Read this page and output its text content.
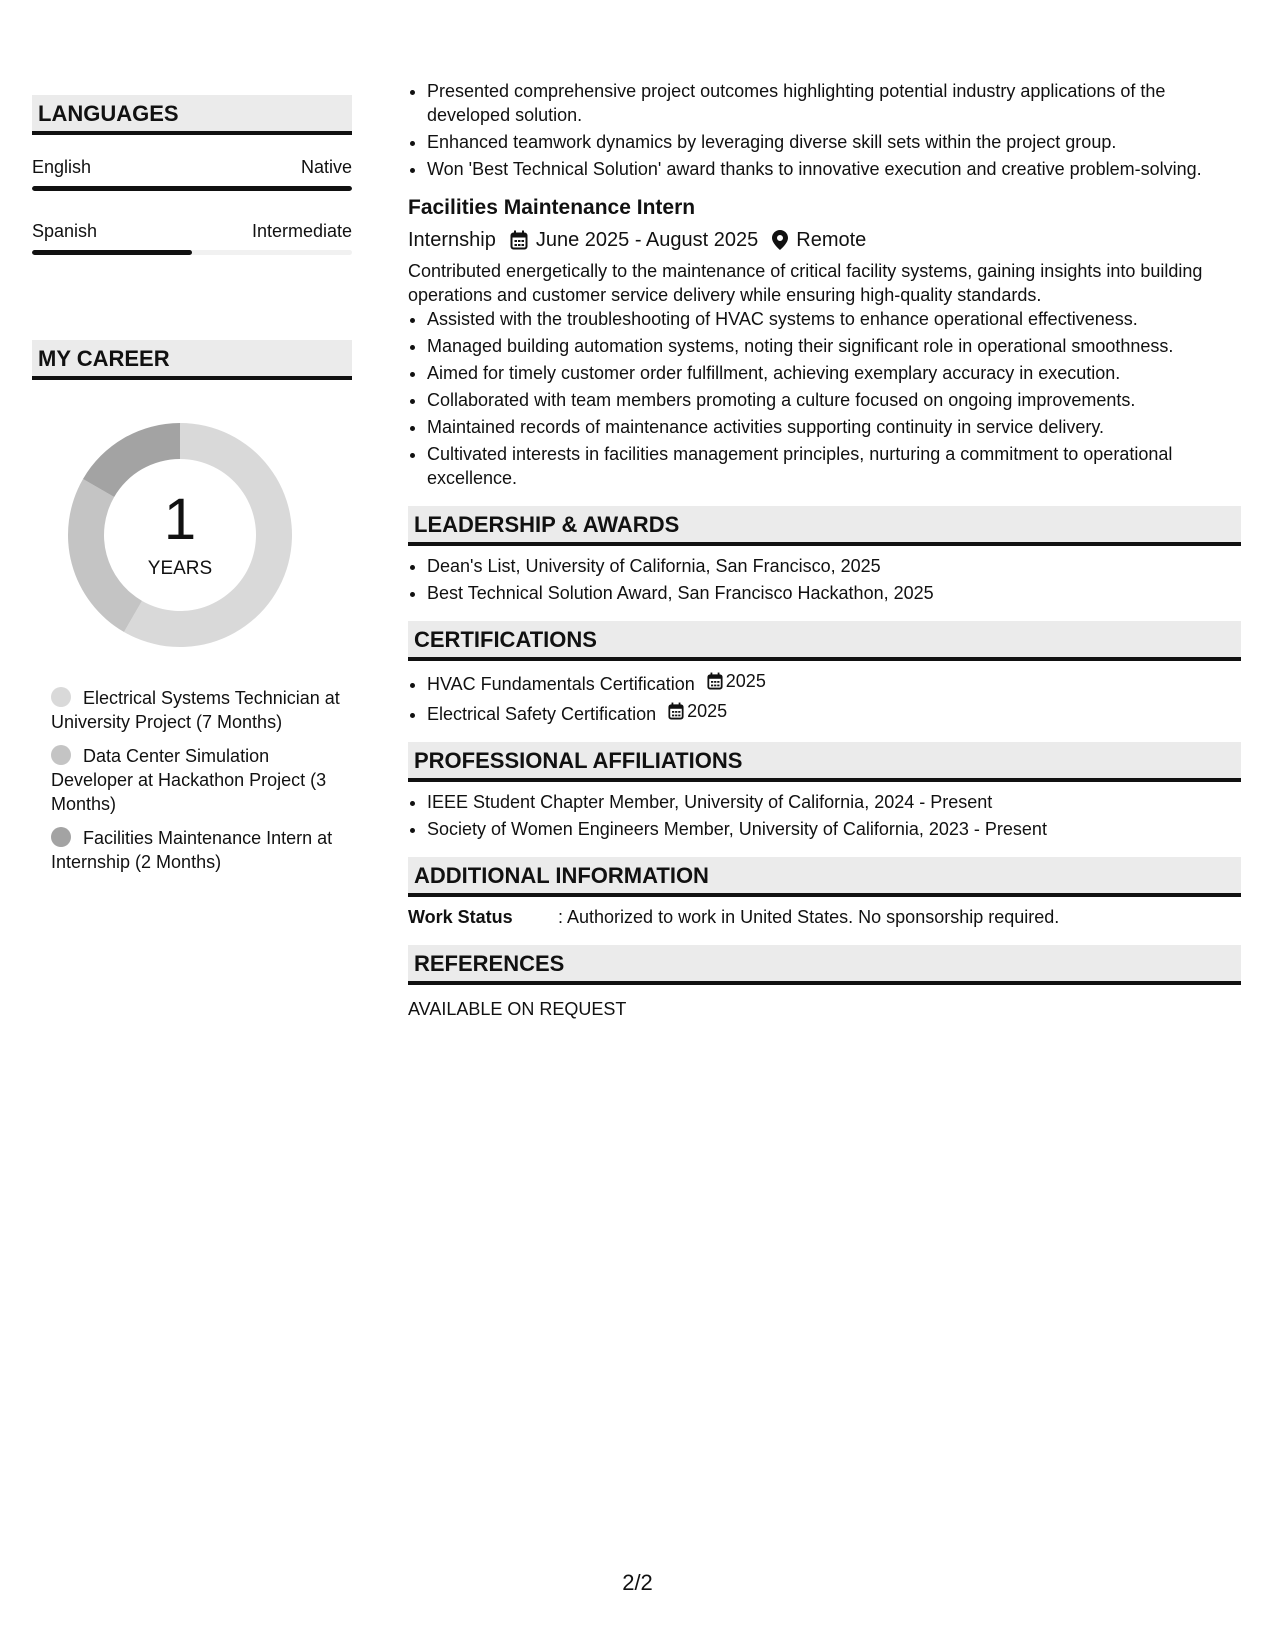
LANGUAGES
English	Native
Spanish	Intermediate
MY CAREER
1
YEARS
Electrical Systems Technician at University Project (7 Months)
Data Center Simulation Developer at Hackathon Project (3 Months)
Facilities Maintenance Intern at Internship (2 Months)
• Presented comprehensive project outcomes highlighting potential industry applications of the developed solution.
• Enhanced teamwork dynamics by leveraging diverse skill sets within the project group.
• Won 'Best Technical Solution' award thanks to innovative execution and creative problem-solving.
Facilities Maintenance Intern
Internship June 2025 - August 2025 Remote
Contributed energetically to the maintenance of critical facility systems, gaining insights into building operations and customer service delivery while ensuring high-quality standards.
• Assisted with the troubleshooting of HVAC systems to enhance operational effectiveness.
• Managed building automation systems, noting their significant role in operational smoothness.
• Aimed for timely customer order fulfillment, achieving exemplary accuracy in execution.
• Collaborated with team members promoting a culture focused on ongoing improvements.
• Maintained records of maintenance activities supporting continuity in service delivery.
• Cultivated interests in facilities management principles, nurturing a commitment to operational excellence.
LEADERSHIP & AWARDS
• Dean's List, University of California, San Francisco, 2025
• Best Technical Solution Award, San Francisco Hackathon, 2025
CERTIFICATIONS
• HVAC Fundamentals Certification 2025
• Electrical Safety Certification 2025
PROFESSIONAL AFFILIATIONS
• IEEE Student Chapter Member, University of California, 2024 - Present
• Society of Women Engineers Member, University of California, 2023 - Present
ADDITIONAL INFORMATION
Work Status	: Authorized to work in United States. No sponsorship required.
REFERENCES
AVAILABLE ON REQUEST
2/2
